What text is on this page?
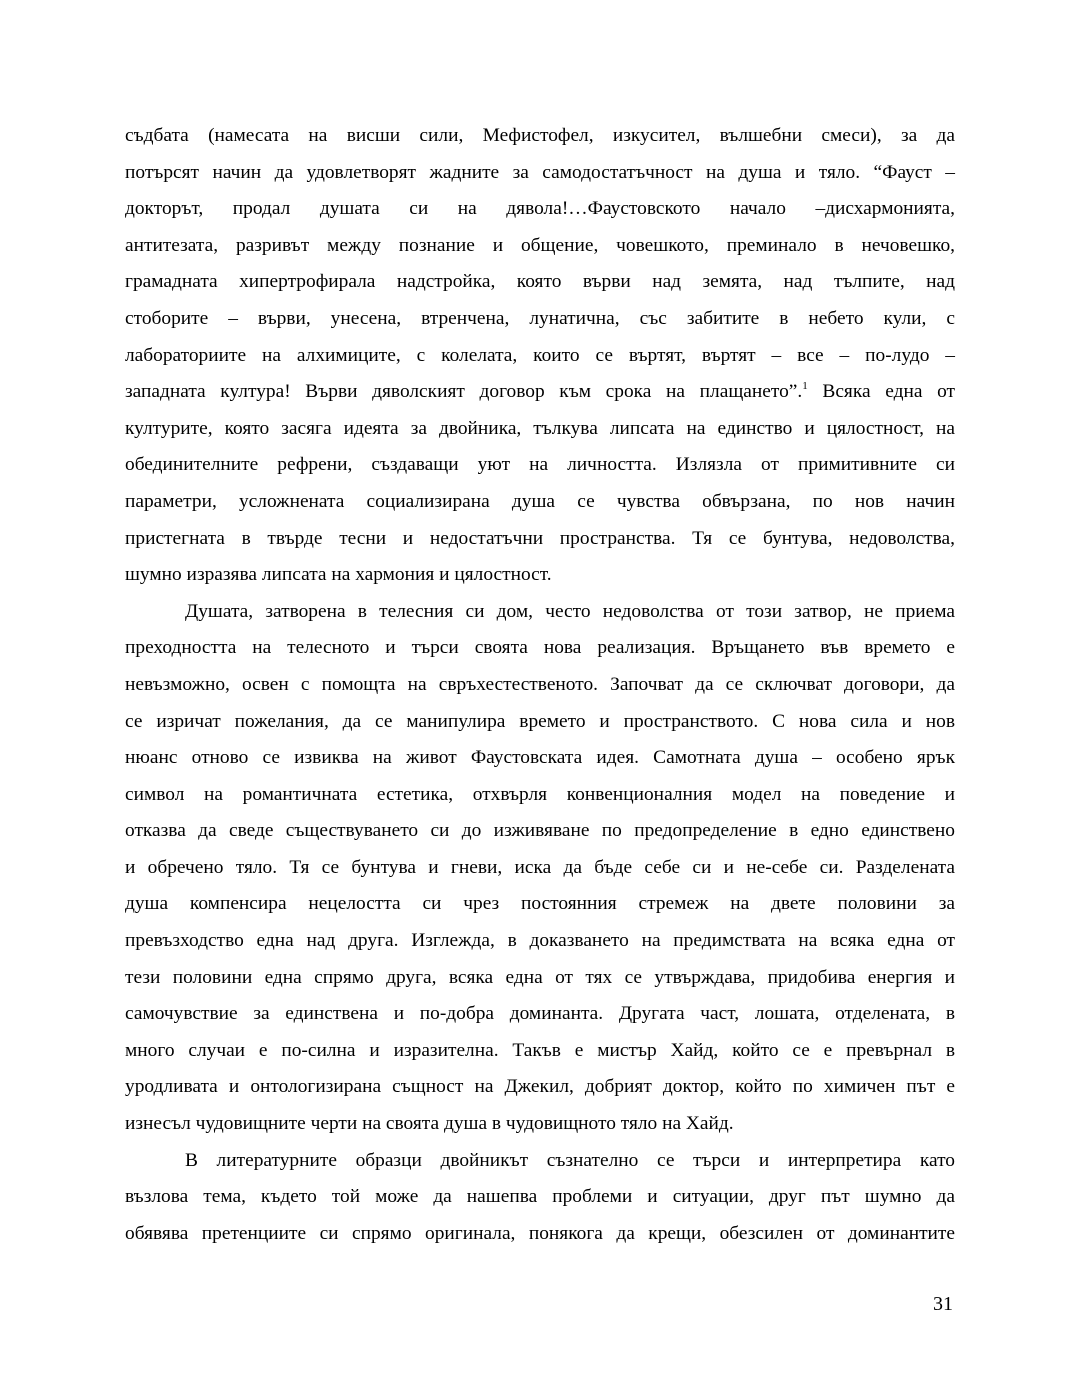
съдбата (намесата на висши сили, Мефистофел, изкусител, вълшебни смеси), за да
потърсят начин да удовлетворят жадните за самодостатъчност на душа и тяло. “Фауст –
докторът, продал душата си на дявола!…Фаустовското начало –дисхармонията,
антитезата, разривът между познание и общение, човешкото, преминало в нечовешко,
грамадната хипертрофирала надстройка, която върви над земята, над тълпите, над
стоборите – върви, унесена, втренчена, лунатична, със забитите в небето кули, с
лабораториите на алхимиците, с колелата, които се въртят, въртят – все – по-лудо –
западната култура! Върви дяволският договор към срока на плащането”.$^1$ Всяка една от
културите, която засяга идеята за двойника, тълкува липсата на единство и цялостност, на
обединителните рефрени, създаващи уют на личността. Излязла от примитивните си
параметри, усложнената социализирана душа се чувства обвързана, по нов начин
пристегната в твърде тесни и недостатъчни пространства. Тя се бунтува, недоволства,
шумно изразява липсата на хармония и цялостност.
Душата, затворена в телесния си дом, често недоволства от този затвор, не приема
преходността на телесното и търси своята нова реализация. Връщането във времето е
невъзможно, освен с помощта на свръхестественото. Започват да се сключват договори, да
се изричат пожелания, да се манипулира времето и пространството. С нова сила и нов
нюанс отново се извиква на живот Фаустовската идея. Самотната душа – особено ярък
символ на романтичната естетика, отхвърля конвенционалния модел на поведение и
отказва да сведе съществуването си до изживяване по предопределение в едно единствено
и обречено тяло. Тя се бунтува и гневи, иска да бъде себе си и не-себе си. Разделената
душа компенсира нецелостта си чрез постоянния стремеж на двете половини за
превъзходство една над друга. Изглежда, в доказването на предимствата на всяка една от
тези половини една спрямо друга, всяка една от тях се утвърждава, придобива енергия и
самочувствие за единствена и по-добра доминанта. Другата част, лошата, отделената, в
много случаи е по-силна и изразителна. Такъв е мистър Хайд, който се е превърнал в
уродливата и онтологизирана същност на Джекил, добрият доктор, който по химичен път е
изнесъл чудовищните черти на своята душа в чудовищното тяло на Хайд.
В литературните образци двойникът съзнателно се търси и интерпретира като
възлова тема, където той може да нашепва проблеми и ситуации, друг път шумно да
обявява претенциите си спрямо оригинала, понякога да крещи, обезсилен от доминантите
31
